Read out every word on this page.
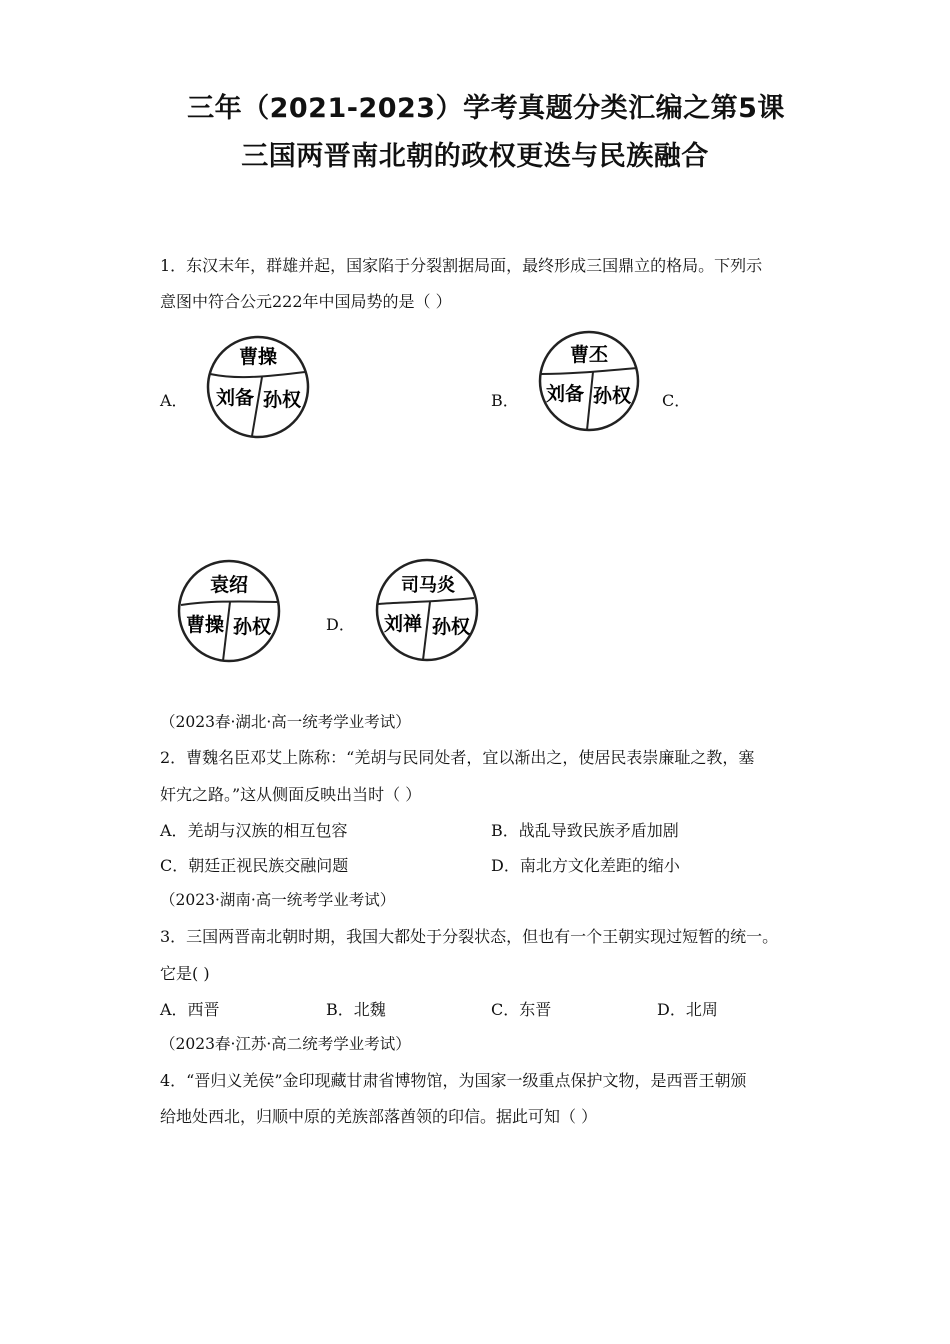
三年（2021-2023）学考真题分类汇编之第5课
三国两晋南北朝的政权更迭与民族融合
1．东汉末年，群雄并起，国家陷于分裂割据局面，最终形成三国鼎立的格局。下列示
意图中符合公元222年中国局势的是（ ）
A．
曹操
刘备 孙权	B．
曹丕
刘备 孙权 C．
袁绍
曹操 孙权	D．
司马炎
刘禅 孙权
（2023春·湖北·高一统考学业考试）
2．曹魏名臣邓艾上陈称：“羌胡与民同处者，宜以渐出之，使居民表崇廉耻之教，塞
奸宄之路。”这从侧面反映出当时（ ）
A．羌胡与汉族的相互包容	B．战乱导致民族矛盾加剧
C．朝廷正视民族交融问题	D．南北方文化差距的缩小
（2023·湖南·高一统考学业考试）
3．三国两晋南北朝时期，我国大都处于分裂状态，但也有一个王朝实现过短暂的统一。
它是( )
A．西晋	B．北魏	C．东晋	D．北周
（2023春·江苏·高二统考学业考试）
4．“晋归义羌侯”金印现藏甘肃省博物馆，为国家一级重点保护文物，是西晋王朝颁
给地处西北，归顺中原的羌族部落酋领的印信。据此可知（ ）
